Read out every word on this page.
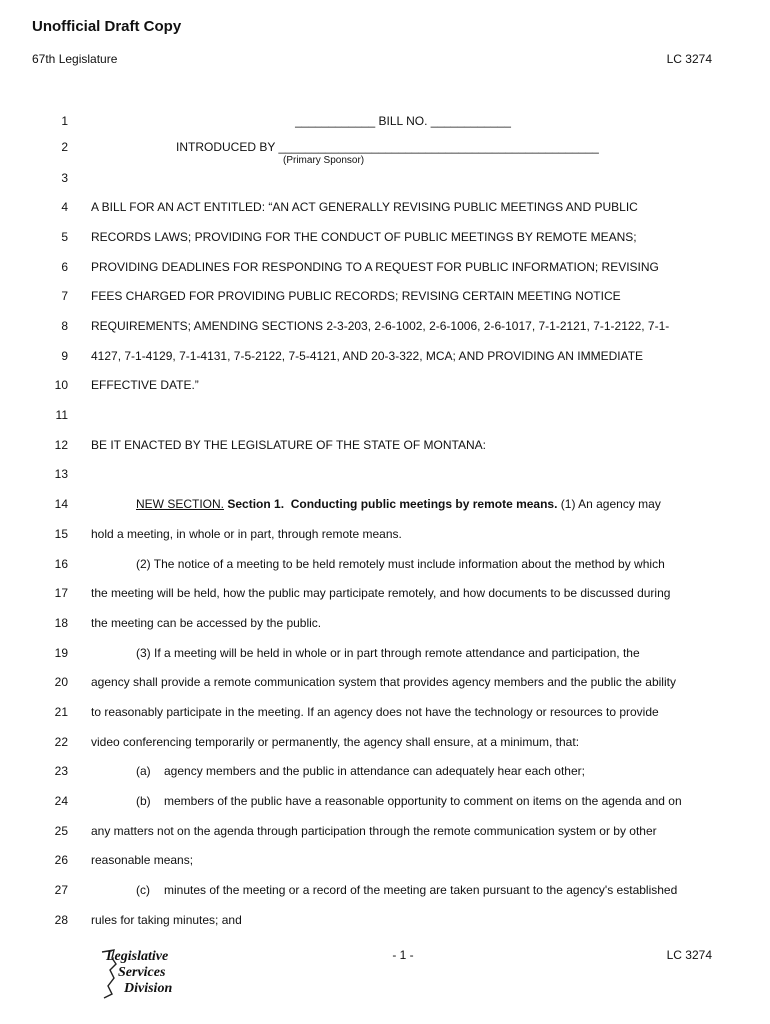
Unofficial Draft Copy
67th Legislature	LC 3274
1	____________ BILL NO. ____________
2	INTRODUCED BY ________________________________________________
(Primary Sponsor)
3
4 A BILL FOR AN ACT ENTITLED: “AN ACT GENERALLY REVISING PUBLIC MEETINGS AND PUBLIC
5 RECORDS LAWS; PROVIDING FOR THE CONDUCT OF PUBLIC MEETINGS BY REMOTE MEANS;
6 PROVIDING DEADLINES FOR RESPONDING TO A REQUEST FOR PUBLIC INFORMATION; REVISING
7 FEES CHARGED FOR PROVIDING PUBLIC RECORDS; REVISING CERTAIN MEETING NOTICE
8 REQUIREMENTS; AMENDING SECTIONS 2-3-203, 2-6-1002, 2-6-1006, 2-6-1017, 7-1-2121, 7-1-2122, 7-1-
9 4127, 7-1-4129, 7-1-4131, 7-5-2122, 7-5-4121, AND 20-3-322, MCA; AND PROVIDING AN IMMEDIATE
10 EFFECTIVE DATE.”
11
12 BE IT ENACTED BY THE LEGISLATURE OF THE STATE OF MONTANA:
13
14	NEW SECTION. Section 1. Conducting public meetings by remote means. (1) An agency may
15 hold a meeting, in whole or in part, through remote means.
16	(2) The notice of a meeting to be held remotely must include information about the method by which
17 the meeting will be held, how the public may participate remotely, and how documents to be discussed during
18 the meeting can be accessed by the public.
19	(3) If a meeting will be held in whole or in part through remote attendance and participation, the
20 agency shall provide a remote communication system that provides agency members and the public the ability
21 to reasonably participate in the meeting. If an agency does not have the technology or resources to provide
22 video conferencing temporarily or permanently, the agency shall ensure, at a minimum, that:
23	(a) agency members and the public in attendance can adequately hear each other;
24	(b) members of the public have a reasonable opportunity to comment on items on the agenda and on
25 any matters not on the agenda through participation through the remote communication system or by other
26 reasonable means;
27	(c) minutes of the meeting or a record of the meeting are taken pursuant to the agency's established
28 rules for taking minutes; and
Legislative
Services
Division
- 1 -	LC 3274
